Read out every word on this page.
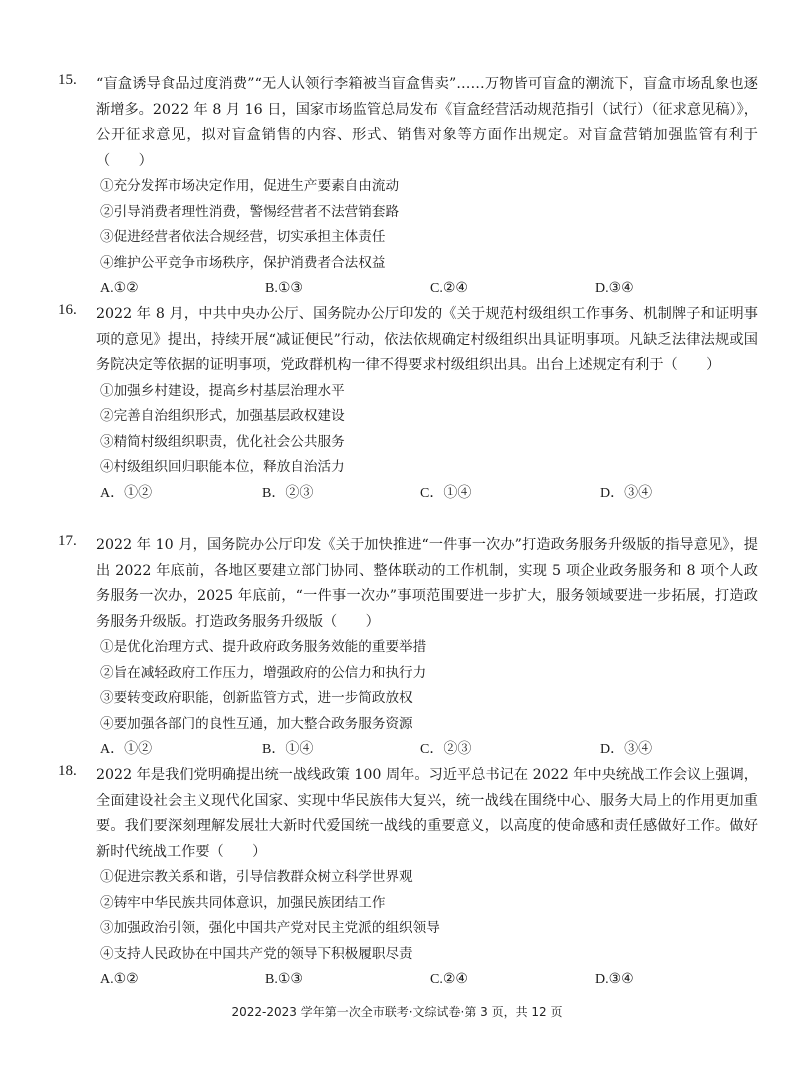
15. “盲盒诱导食品过度消费”“无人认领行李箱被当盲盒售卖”……万物皆可盲盒的潮流下，盲盒市场乱象也逐渐增多。2022 年 8 月 16 日，国家市场监管总局发布《盲盒经营活动规范指引（试行）（征求意见稿）》，公开征求意见，拟对盲盒销售的内容、形式、销售对象等方面作出规定。对盲盒营销加强监管有利于（　　）
①充分发挥市场决定作用，促进生产要素自由流动
②引导消费者理性消费，警惕经营者不法营销套路
③促进经营者依法合规经营，切实承担主体责任
④维护公平竞争市场秩序，保护消费者合法权益
A.①②	B.①③	C.②④	D.③④
16. 2022 年 8 月，中共中央办公厅、国务院办公厅印发的《关于规范村级组织工作事务、机制牌子和证明事项的意见》提出，持续开展“减证便民”行动，依法依规确定村级组织出具证明事项。凡缺乏法律法规或国务院决定等依据的证明事项，党政群机构一律不得要求村级组织出具。出台上述规定有利于（　　）
①加强乡村建设，提高乡村基层治理水平
②完善自治组织形式，加强基层政权建设
③精简村级组织职责，优化社会公共服务
④村级组织回归职能本位，释放自治活力
A．①②	B．②③	C．①④	D．③④
17. 2022 年 10 月，国务院办公厅印发《关于加快推进“一件事一次办”打造政务服务升级版的指导意见》，提出 2022 年底前，各地区要建立部门协同、整体联动的工作机制，实现 5 项企业政务服务和 8 项个人政务服务一次办，2025 年底前，“一件事一次办”事项范围要进一步扩大，服务领域要进一步拓展，打造政务服务升级版。打造政务服务升级版（　　）
①是优化治理方式、提升政府政务服务效能的重要举措
②旨在减轻政府工作压力，增强政府的公信力和执行力
③要转变政府职能，创新监管方式，进一步简政放权
④要加强各部门的良性互通，加大整合政务服务资源
A．①②	B．①④	C．②③	D．③④
18. 2022 年是我们党明确提出统一战线政策 100 周年。习近平总书记在 2022 年中央统战工作会议上强调，全面建设社会主义现代化国家、实现中华民族伟大复兴，统一战线在围绕中心、服务大局上的作用更加重要。我们要深刻理解发展壮大新时代爱国统一战线的重要意义，以高度的使命感和责任感做好工作。做好新时代统战工作要（　　）
①促进宗教关系和谐，引导信教群众树立科学世界观
②铸牢中华民族共同体意识，加强民族团结工作
③加强政治引领，强化中国共产党对民主党派的组织领导
④支持人民政协在中国共产党的领导下积极履职尽责
A.①②	B.①③	C.②④	D.③④
2022-2023 学年第一次全市联考·文综试卷·第 3 页，共 12 页
